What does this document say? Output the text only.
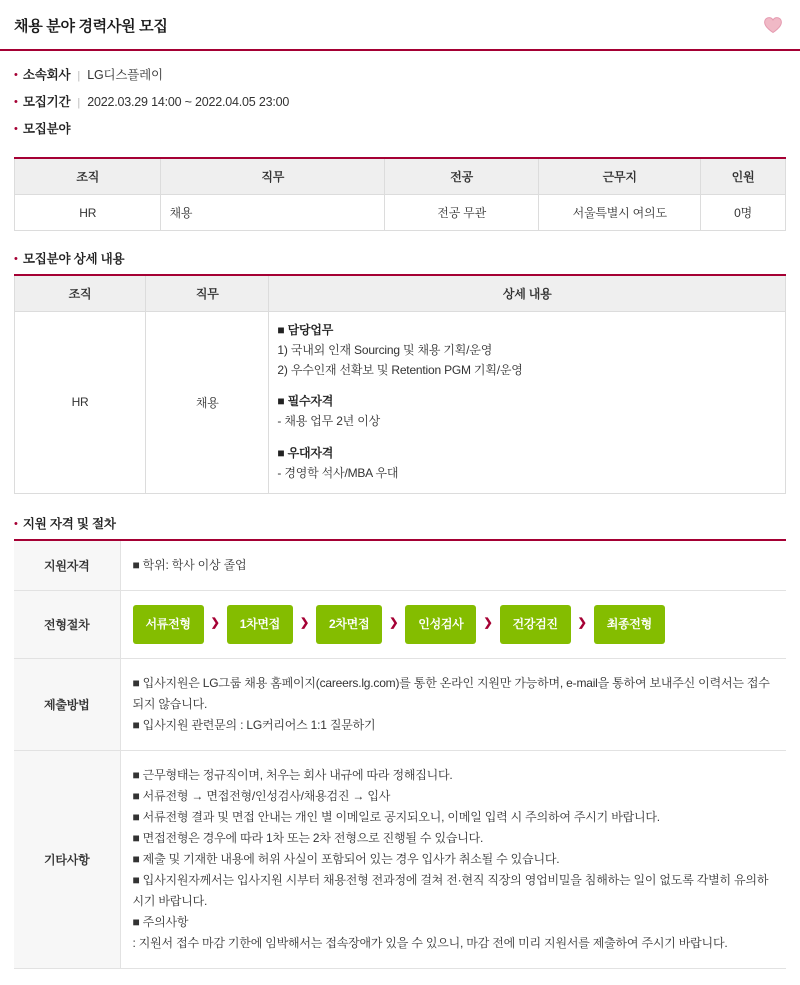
채용 분야 경력사원 모집
• 소속회사 | LG디스플레이
• 모집기간 | 2022.03.29 14:00 ~ 2022.04.05 23:00
• 모집분야
조직	직무	전공	근무지	인원
HR	채용	전공 무관	서울특별시 여의도	0명
• 모집분야 상세 내용
조직	직무	상세 내용
HR	채용	
■ 담당업무
1) 국내외 인재 Sourcing 및 채용 기획/운영
2) 우수인재 선확보 및 Retention PGM 기획/운영
■ 필수자격
- 채용 업무 2년 이상
■ 우대자격
- 경영학 석사/MBA 우대
• 지원 자격 및 절차
지원자격	■ 학위: 학사 이상 졸업

전형절차	서류전형	❯	1차면접	❯	2차면접	❯	인성검사	❯	건강검진	❯	최종전형

제출방법	■ 입사지원은 LG그룹 채용 홈페이지(careers.lg.com)를 통한 온라인 지원만 가능하며, e-mail을 통하여 보내주신 이력서는 접수되지 않습니다.
■ 입사지원 관련문의 : LG커리어스 1:1 질문하기

기타사항	
■ 근무형태는 정규직이며, 처우는 회사 내규에 따라 정해집니다.
■ 서류전형 → 면접전형/인성검사/채용검진 → 입사
■ 서류전형 결과 및 면접 안내는 개인 별 이메일로 공지되오니, 이메일 입력 시 주의하여 주시기 바랍니다.
■ 면접전형은 경우에 따라 1차 또는 2차 전형으로 진행될 수 있습니다.
■ 제출 및 기재한 내용에 허위 사실이 포함되어 있는 경우 입사가 취소될 수 있습니다.
■ 입사지원자께서는 입사지원 시부터 채용전형 전과정에 걸쳐 전·현직 직장의 영업비밀을 침해하는 일이 없도록 각별히 유의하시기 바랍니다.
■ 주의사항
: 지원서 접수 마감 기한에 임박해서는 접속장애가 있을 수 있으니, 마감 전에 미리 지원서를 제출하여 주시기 바랍니다.
